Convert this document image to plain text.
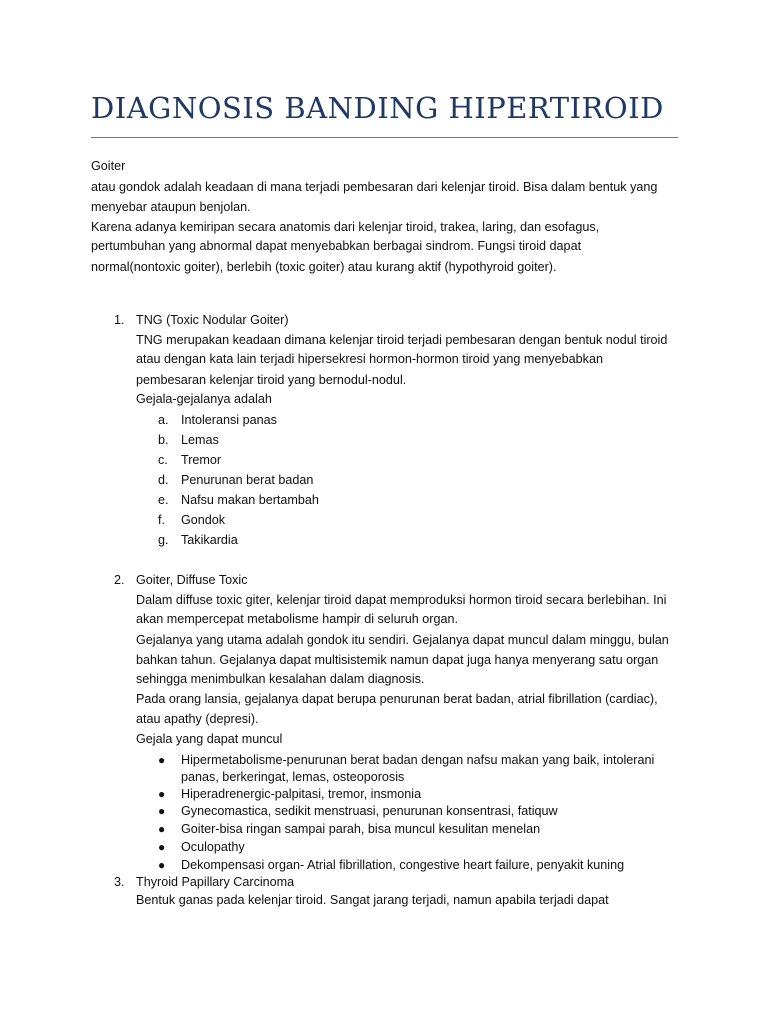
DIAGNOSIS BANDING HIPERTIROID
Goiter
atau gondok adalah keadaan di mana terjadi pembesaran dari kelenjar tiroid. Bisa dalam bentuk yang
menyebar ataupun benjolan.
Karena adanya kemiripan secara anatomis dari kelenjar tiroid, trakea, laring, dan esofagus,
pertumbuhan yang abnormal dapat menyebabkan berbagai sindrom. Fungsi tiroid dapat
normal(nontoxic goiter), berlebih (toxic goiter) atau kurang aktif (hypothyroid goiter).
1. TNG (Toxic Nodular Goiter)
TNG merupakan keadaan dimana kelenjar tiroid terjadi pembesaran dengan bentuk nodul tiroid
atau dengan kata lain terjadi hipersekresi hormon-hormon tiroid yang menyebabkan
pembesaran kelenjar tiroid yang bernodul-nodul.
Gejala-gejalanya adalah
a. Intoleransi panas
b. Lemas
c. Tremor
d. Penurunan berat badan
e. Nafsu makan bertambah
f. Gondok
g. Takikardia
2. Goiter, Diffuse Toxic
Dalam diffuse toxic giter, kelenjar tiroid dapat memproduksi hormon tiroid secara berlebihan. Ini
akan mempercepat metabolisme hampir di seluruh organ.
Gejalanya yang utama adalah gondok itu sendiri. Gejalanya dapat muncul dalam minggu, bulan
bahkan tahun. Gejalanya dapat multisistemik namun dapat juga hanya menyerang satu organ
sehingga menimbulkan kesalahan dalam diagnosis.
Pada orang lansia, gejalanya dapat berupa penurunan berat badan, atrial fibrillation (cardiac),
atau apathy (depresi).
Gejala yang dapat muncul
● Hipermetabolisme-penurunan berat badan dengan nafsu makan yang baik, intolerani
panas, berkeringat, lemas, osteoporosis
● Hiperadrenergic-palpitasi, tremor, insmonia
● Gynecomastica, sedikit menstruasi, penurunan konsentrasi, fatiquw
● Goiter-bisa ringan sampai parah, bisa muncul kesulitan menelan
● Oculopathy
● Dekompensasi organ- Atrial fibrillation, congestive heart failure, penyakit kuning
3. Thyroid Papillary Carcinoma
Bentuk ganas pada kelenjar tiroid. Sangat jarang terjadi, namun apabila terjadi dapat
